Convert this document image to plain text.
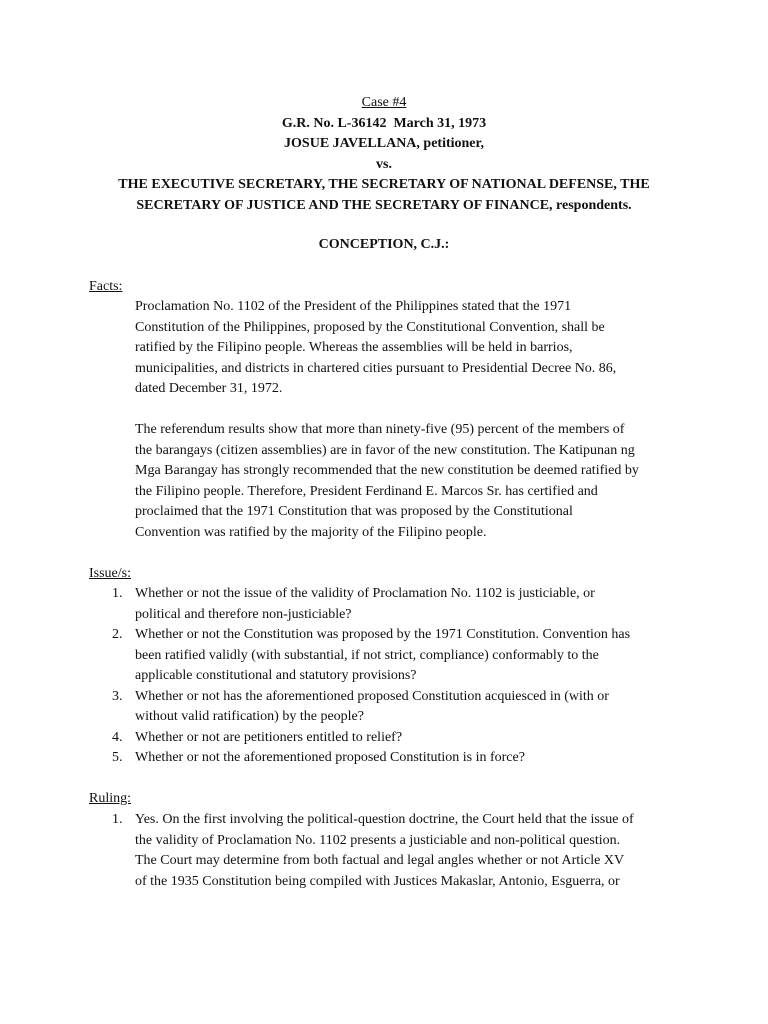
Case #4
G.R. No. L-36142  March 31, 1973
JOSUE JAVELLANA, petitioner,
vs.
THE EXECUTIVE SECRETARY, THE SECRETARY OF NATIONAL DEFENSE, THE
SECRETARY OF JUSTICE AND THE SECRETARY OF FINANCE, respondents.
CONCEPTION, C.J.:
Facts:
Proclamation No. 1102 of the President of the Philippines stated that the 1971
Constitution of the Philippines, proposed by the Constitutional Convention, shall be
ratified by the Filipino people. Whereas the assemblies will be held in barrios,
municipalities, and districts in chartered cities pursuant to Presidential Decree No. 86,
dated December 31, 1972.
The referendum results show that more than ninety-five (95) percent of the members of
the barangays (citizen assemblies) are in favor of the new constitution. The Katipunan ng
Mga Barangay has strongly recommended that the new constitution be deemed ratified by
the Filipino people. Therefore, President Ferdinand E. Marcos Sr. has certified and
proclaimed that the 1971 Constitution that was proposed by the Constitutional
Convention was ratified by the majority of the Filipino people.
Issue/s:
1. Whether or not the issue of the validity of Proclamation No. 1102 is justiciable, or
political and therefore non-justiciable?
2. Whether or not the Constitution was proposed by the 1971 Constitution. Convention has
been ratified validly (with substantial, if not strict, compliance) conformably to the
applicable constitutional and statutory provisions?
3. Whether or not has the aforementioned proposed Constitution acquiesced in (with or
without valid ratification) by the people?
4. Whether or not are petitioners entitled to relief?
5. Whether or not the aforementioned proposed Constitution is in force?
Ruling:
1. Yes. On the first involving the political-question doctrine, the Court held that the issue of
the validity of Proclamation No. 1102 presents a justiciable and non-political question.
The Court may determine from both factual and legal angles whether or not Article XV
of the 1935 Constitution being compiled with Justices Makaslar, Antonio, Esguerra, or
